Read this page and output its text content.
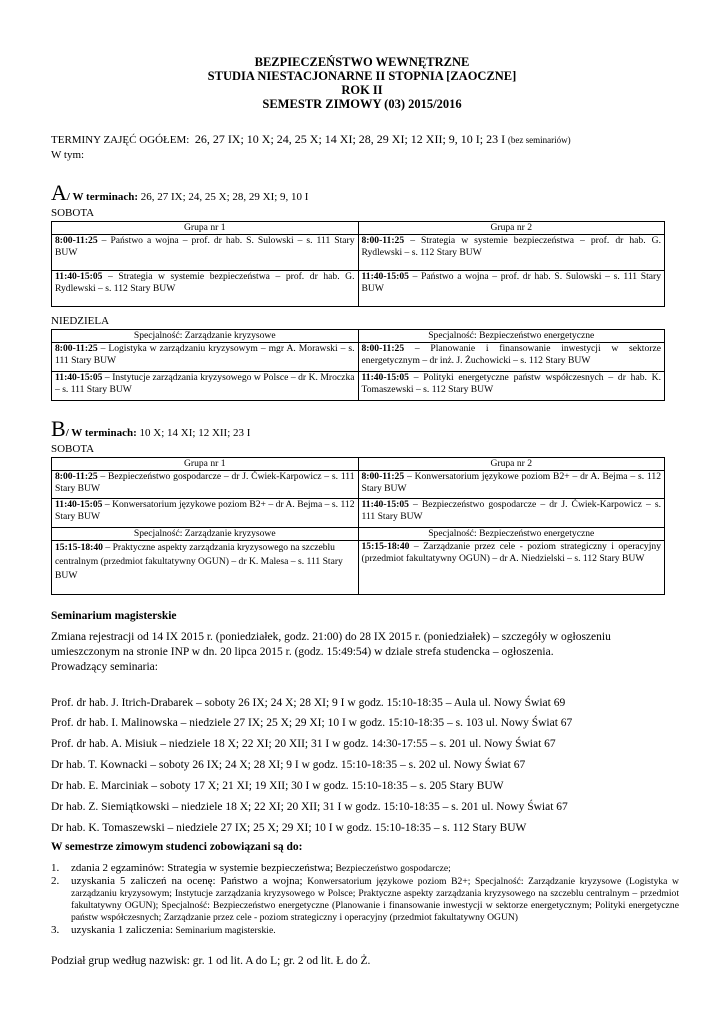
BEZPIECZEŃSTWO WEWNĘTRZNE
STUDIA NIESTACJONARNE II STOPNIA [ZAOCZNE]
ROK II
SEMESTR ZIMOWY (03) 2015/2016
TERMINY ZAJĘĆ OGÓŁEM: 26, 27 IX; 10 X; 24, 25 X; 14 XI; 28, 29 XI; 12 XII; 9, 10 I; 23 I (bez seminariów)
W tym:
A/ W terminach: 26, 27 IX; 24, 25 X; 28, 29 XI; 9, 10 I
SOBOTA
Grupa nr 1	Grupa nr 2
8:00-11:25 – Państwo a wojna – prof. dr hab. S. Sulowski – s. 111 Stary BUW	8:00-11:25 – Strategia w systemie bezpieczeństwa – prof. dr hab. G. Rydlewski – s. 112 Stary BUW
11:40-15:05 – Strategia w systemie bezpieczeństwa – prof. dr hab. G. Rydlewski – s. 112 Stary BUW	11:40-15:05 – Państwo a wojna – prof. dr hab. S. Sulowski – s. 111 Stary BUW
NIEDZIELA
Specjalność: Zarządzanie kryzysowe	Specjalność: Bezpieczeństwo energetyczne
8:00-11:25 – Logistyka w zarządzaniu kryzysowym – mgr A. Morawski – s. 111 Stary BUW	8:00-11:25 – Planowanie i finansowanie inwestycji w sektorze energetycznym – dr inż. J. Żuchowicki – s. 112 Stary BUW
11:40-15:05 – Instytucje zarządzania kryzysowego w Polsce – dr K. Mroczka – s. 111 Stary BUW	11:40-15:05 – Polityki energetyczne państw współczesnych – dr hab. K. Tomaszewski – s. 112 Stary BUW
B/ W terminach: 10 X; 14 XI; 12 XII; 23 I
SOBOTA
Grupa nr 1	Grupa nr 2
8:00-11:25 – Bezpieczeństwo gospodarcze – dr J. Ćwiek-Karpowicz – s. 111 Stary BUW	8:00-11:25 – Konwersatorium językowe poziom B2+ – dr A. Bejma – s. 112 Stary BUW
11:40-15:05 – Konwersatorium językowe poziom B2+ – dr A. Bejma – s. 112 Stary BUW	11:40-15:05 – Bezpieczeństwo gospodarcze – dr J. Ćwiek-Karpowicz – s. 111 Stary BUW
Specjalność: Zarządzanie kryzysowe	Specjalność: Bezpieczeństwo energetyczne
15:15-18:40 – Praktyczne aspekty zarządzania kryzysowego na szczeblu centralnym (przedmiot fakultatywny OGUN) – dr K. Malesa – s. 111 Stary BUW	15:15-18:40 – Zarządzanie przez cele - poziom strategiczny i operacyjny (przedmiot fakultatywny OGUN) – dr A. Niedzielski – s. 112 Stary BUW
Seminarium magisterskie
Zmiana rejestracji od 14 IX 2015 r. (poniedziałek, godz. 21:00) do 28 IX 2015 r. (poniedziałek) – szczegóły w ogłoszeniu umieszczonym na stronie INP w dn. 20 lipca 2015 r. (godz. 15:49:54) w dziale strefa studencka – ogłoszenia.
Prowadzący seminaria:
Prof. dr hab. J. Itrich-Drabarek – soboty 26 IX; 24 X; 28 XI; 9 I w godz. 15:10-18:35 – Aula ul. Nowy Świat 69
Prof. dr hab. I. Malinowska – niedziele 27 IX; 25 X; 29 XI; 10 I w godz. 15:10-18:35 – s. 103 ul. Nowy Świat 67
Prof. dr hab. A. Misiuk – niedziele 18 X; 22 XI; 20 XII; 31 I w godz. 14:30-17:55 – s. 201 ul. Nowy Świat 67
Dr hab. T. Kownacki – soboty 26 IX; 24 X; 28 XI; 9 I w godz. 15:10-18:35 – s. 202 ul. Nowy Świat 67
Dr hab. E. Marciniak – soboty 17 X; 21 XI; 19 XII; 30 I w godz. 15:10-18:35 – s. 205 Stary BUW
Dr hab. Z. Siemiątkowski – niedziele 18 X; 22 XI; 20 XII; 31 I w godz. 15:10-18:35 – s. 201 ul. Nowy Świat 67
Dr hab. K. Tomaszewski – niedziele 27 IX; 25 X; 29 XI; 10 I w godz. 15:10-18:35 – s. 112 Stary BUW
W semestrze zimowym studenci zobowiązani są do:
1.	zdania 2 egzaminów: Strategia w systemie bezpieczeństwa; Bezpieczeństwo gospodarcze;
2.	uzyskania 5 zaliczeń na ocenę: Państwo a wojna; Konwersatorium językowe poziom B2+; Specjalność: Zarządzanie kryzysowe (Logistyka w zarządzaniu kryzysowym; Instytucje zarządzania kryzysowego w Polsce; Praktyczne aspekty zarządzania kryzysowego na szczeblu centralnym – przedmiot fakultatywny OGUN); Specjalność: Bezpieczeństwo energetyczne (Planowanie i finansowanie inwestycji w sektorze energetycznym; Polityki energetyczne państw współczesnych; Zarządzanie przez cele - poziom strategiczny i operacyjny (przedmiot fakultatywny OGUN)
3.	uzyskania 1 zaliczenia: Seminarium magisterskie.
Podział grup według nazwisk: gr. 1 od lit. A do L; gr. 2 od lit. Ł do Ż.
